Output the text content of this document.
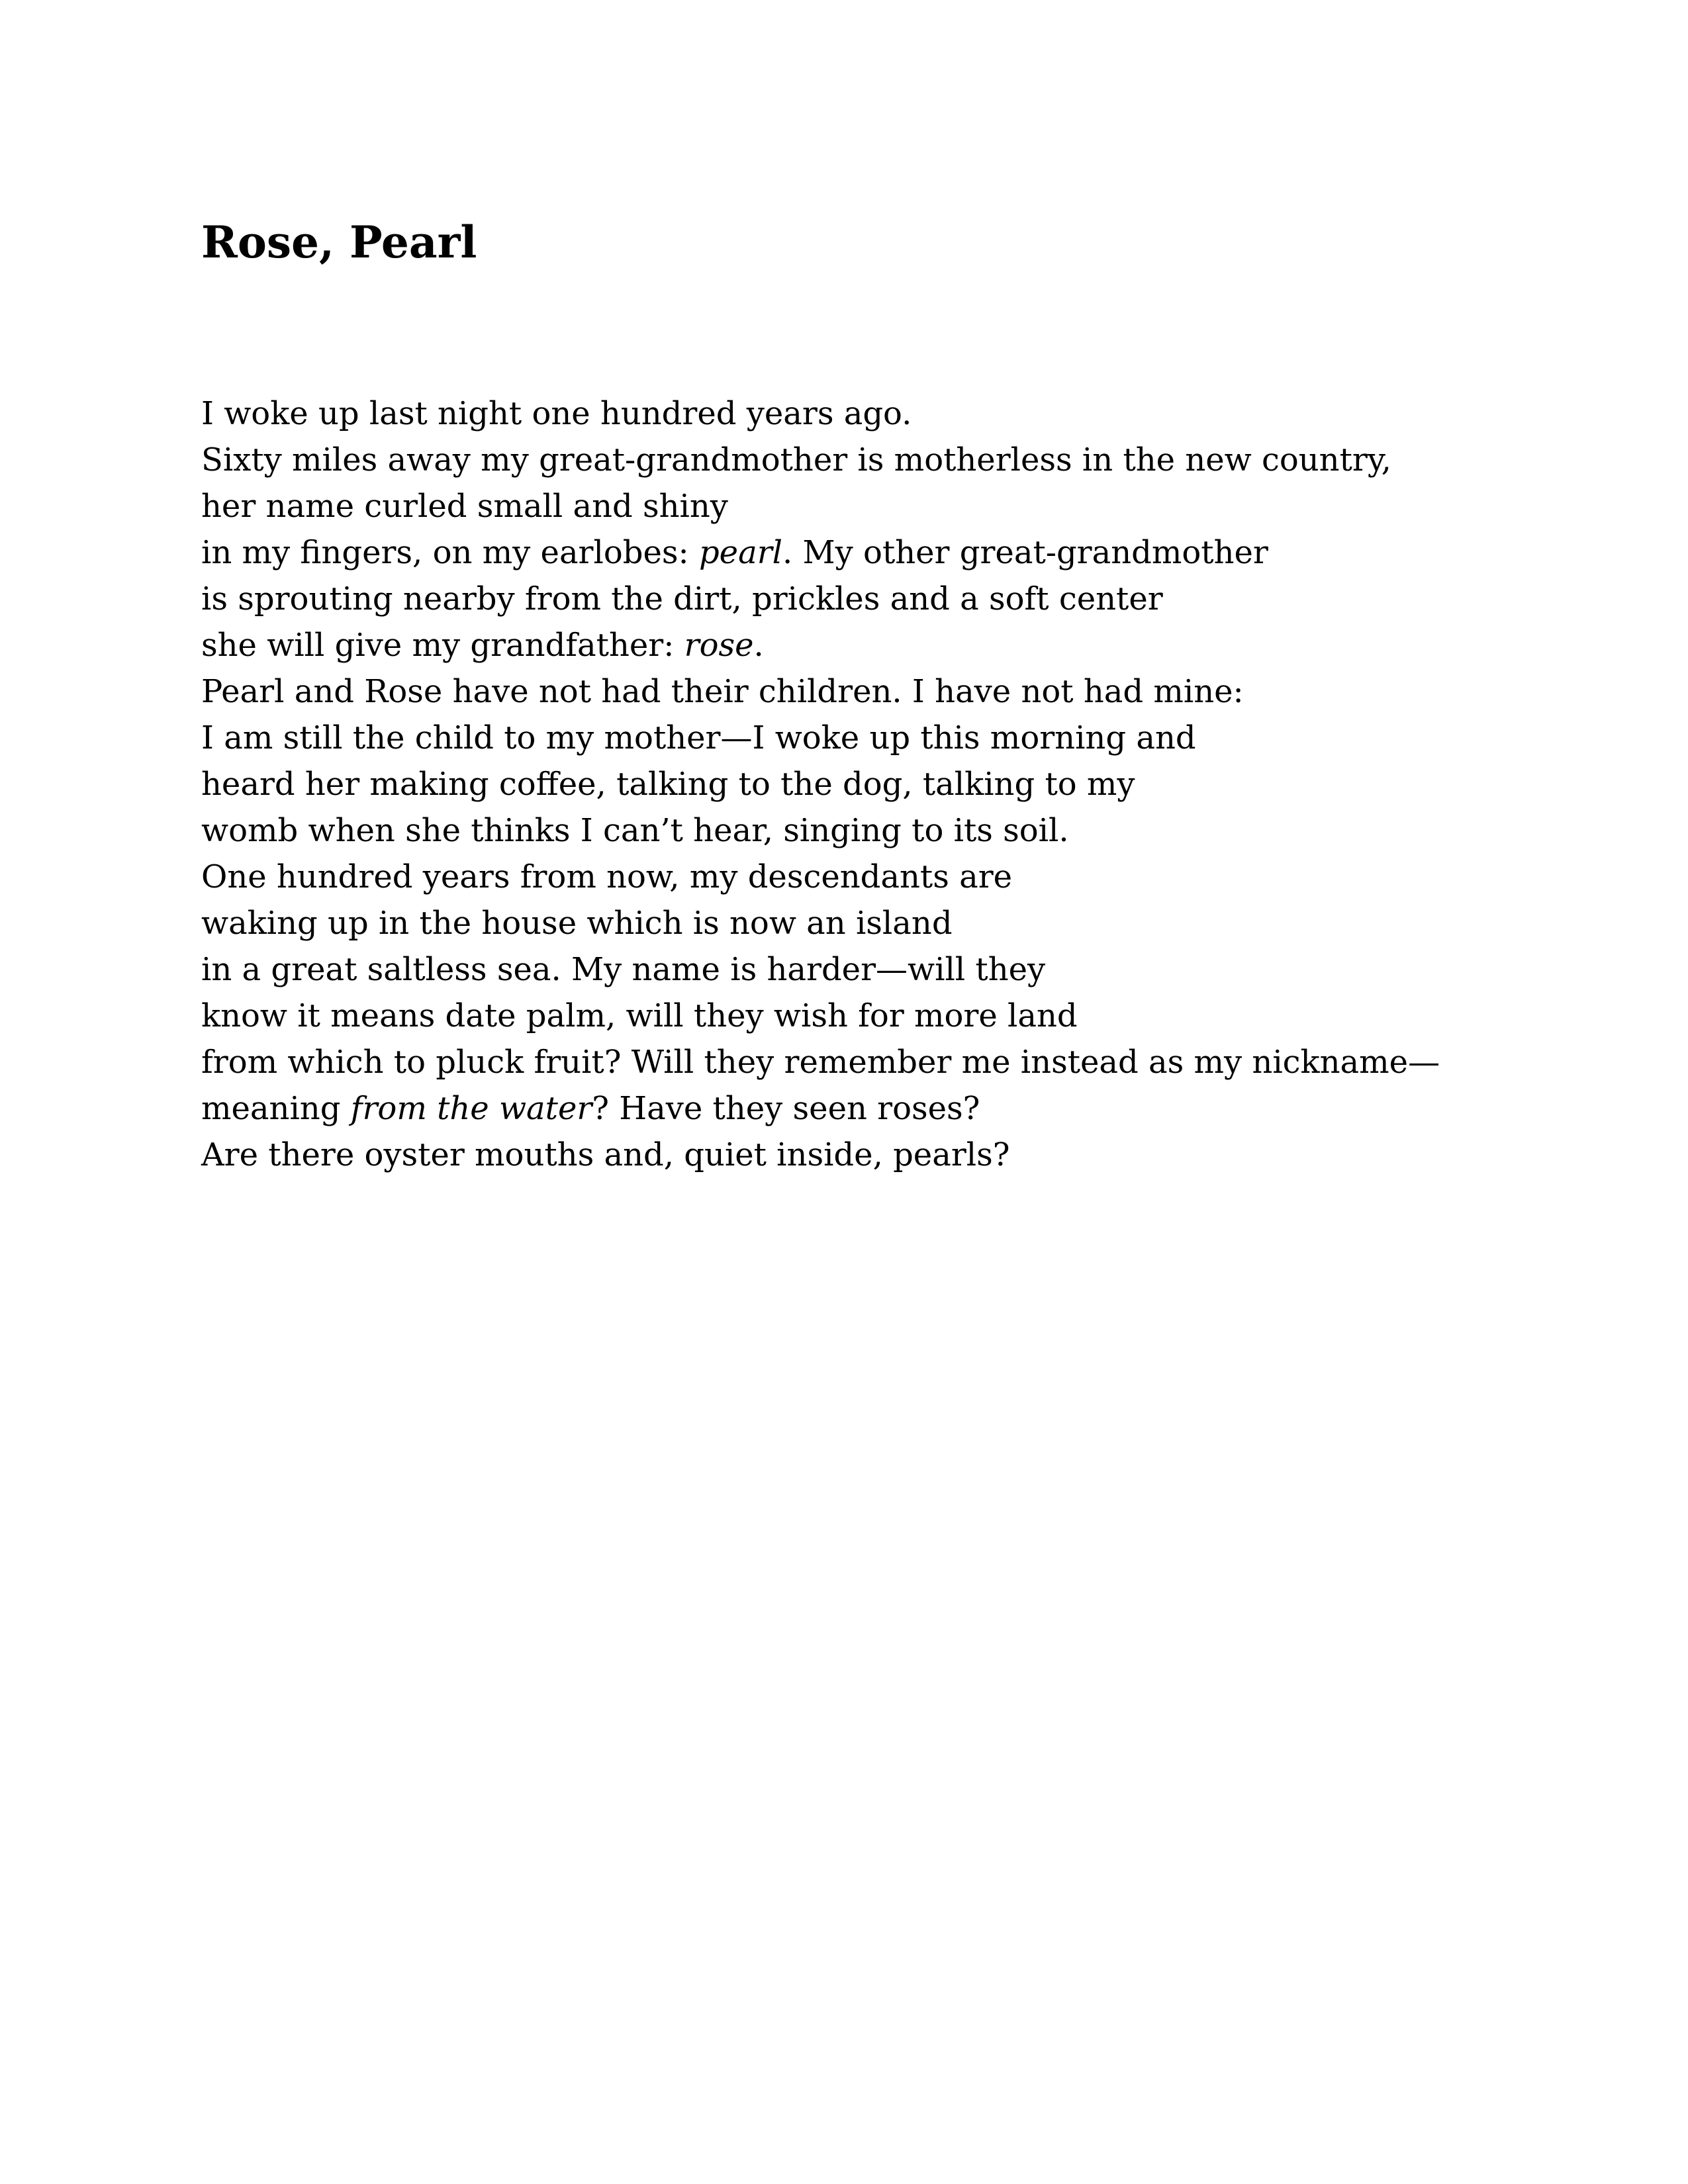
Rose, Pearl
I woke up last night one hundred years ago.
Sixty miles away my great-grandmother is motherless in the new country,
her name curled small and shiny
in my fingers, on my earlobes: pearl. My other great-grandmother
is sprouting nearby from the dirt, prickles and a soft center
she will give my grandfather: rose.
Pearl and Rose have not had their children. I have not had mine:
I am still the child to my mother—I woke up this morning and
heard her making coffee, talking to the dog, talking to my
womb when she thinks I can’t hear, singing to its soil.
One hundred years from now, my descendants are
waking up in the house which is now an island
in a great saltless sea. My name is harder—will they
know it means date palm, will they wish for more land
from which to pluck fruit? Will they remember me instead as my nickname—
meaning from the water? Have they seen roses?
Are there oyster mouths and, quiet inside, pearls?
